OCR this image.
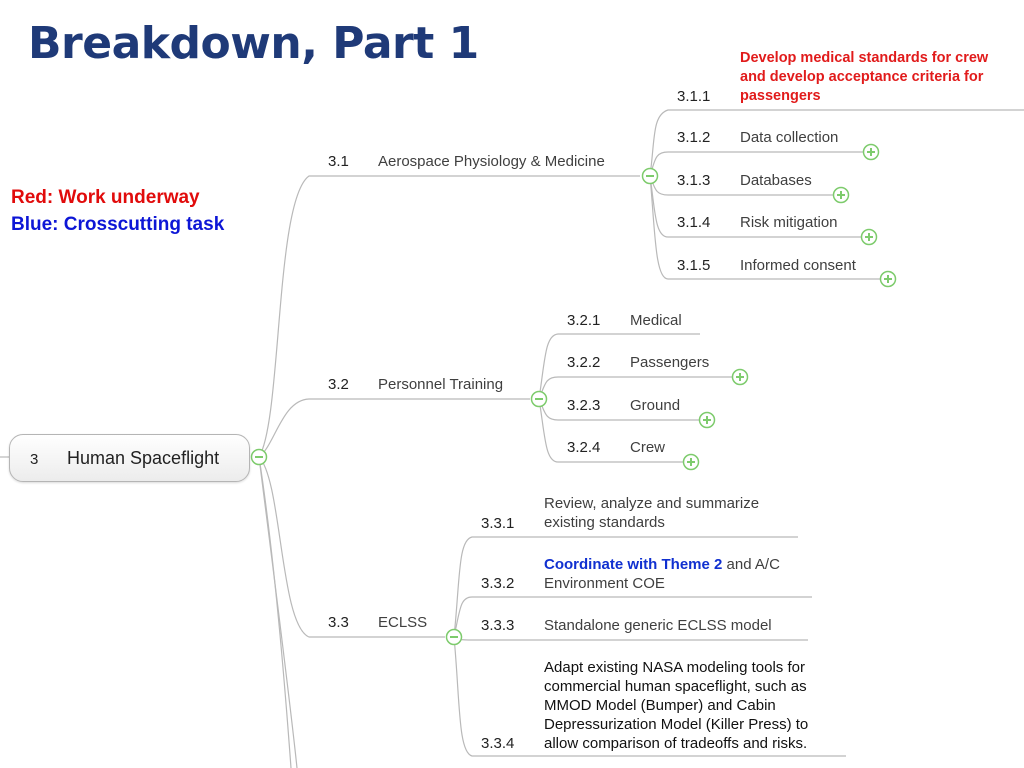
Breakdown, Part 1
Red: Work underway
Blue: Crosscutting task
3 Human Spaceflight
3.1 Aerospace Physiology & Medicine
3.2 Personnel Training
3.3 ECLSS
3.1.1
Develop medical standards for crew
and develop acceptance criteria for
passengers
3.1.2 Data collection
3.1.3 Databases
3.1.4 Risk mitigation
3.1.5 Informed consent
3.2.1 Medical
3.2.2 Passengers
3.2.3 Ground
3.2.4 Crew
3.3.1
Review, analyze and summarize
existing standards
3.3.2
Coordinate with Theme 2 and A/C
Environment COE
3.3.3 Standalone generic ECLSS model
3.3.4
Adapt existing NASA modeling tools for
commercial human spaceflight, such as
MMOD Model (Bumper) and Cabin
Depressurization Model (Killer Press) to
allow comparison of tradeoffs and risks.
